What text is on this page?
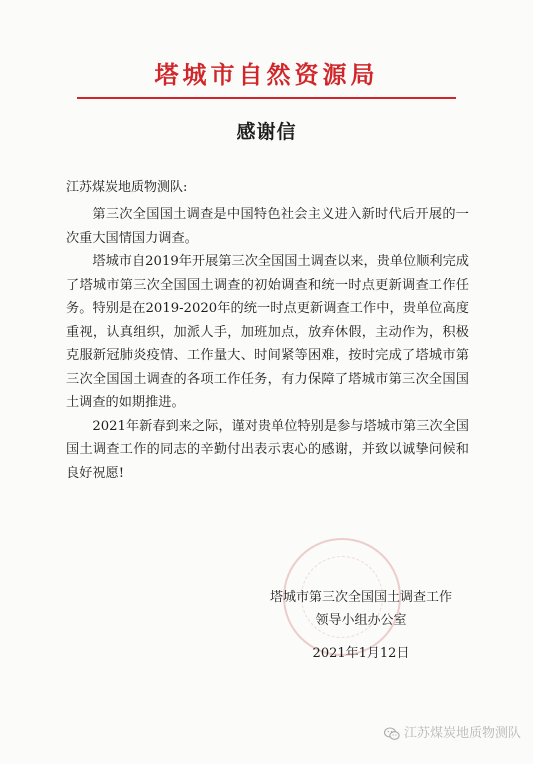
塔城市自然资源局
感谢信
江苏煤炭地质物测队:

第三次全国国土调查是中国特色社会主义进入新时代后开展的一次重大国情国力调查。

塔城市自2019年开展第三次全国国土调查以来，贵单位顺利完成了塔城市第三次全国国土调查的初始调查和统一时点更新调查工作任务。特别是在2019-2020年的统一时点更新调查工作中，贵单位高度重视，认真组织，加派人手，加班加点，放弃休假，主动作为，积极克服新冠肺炎疫情、工作量大、时间紧等困难，按时完成了塔城市第三次全国国土调查的各项工作任务，有力保障了塔城市第三次全国国土调查的如期推进。

2021年新春到来之际，谨对贵单位特别是参与塔城市第三次全国国土调查工作的同志的辛勤付出表示衷心的感谢，并致以诚挚问候和良好祝愿!

塔城市第三次全国国土调查工作
领导小组办公室
2021年1月12日
江苏煤炭地质物测队
